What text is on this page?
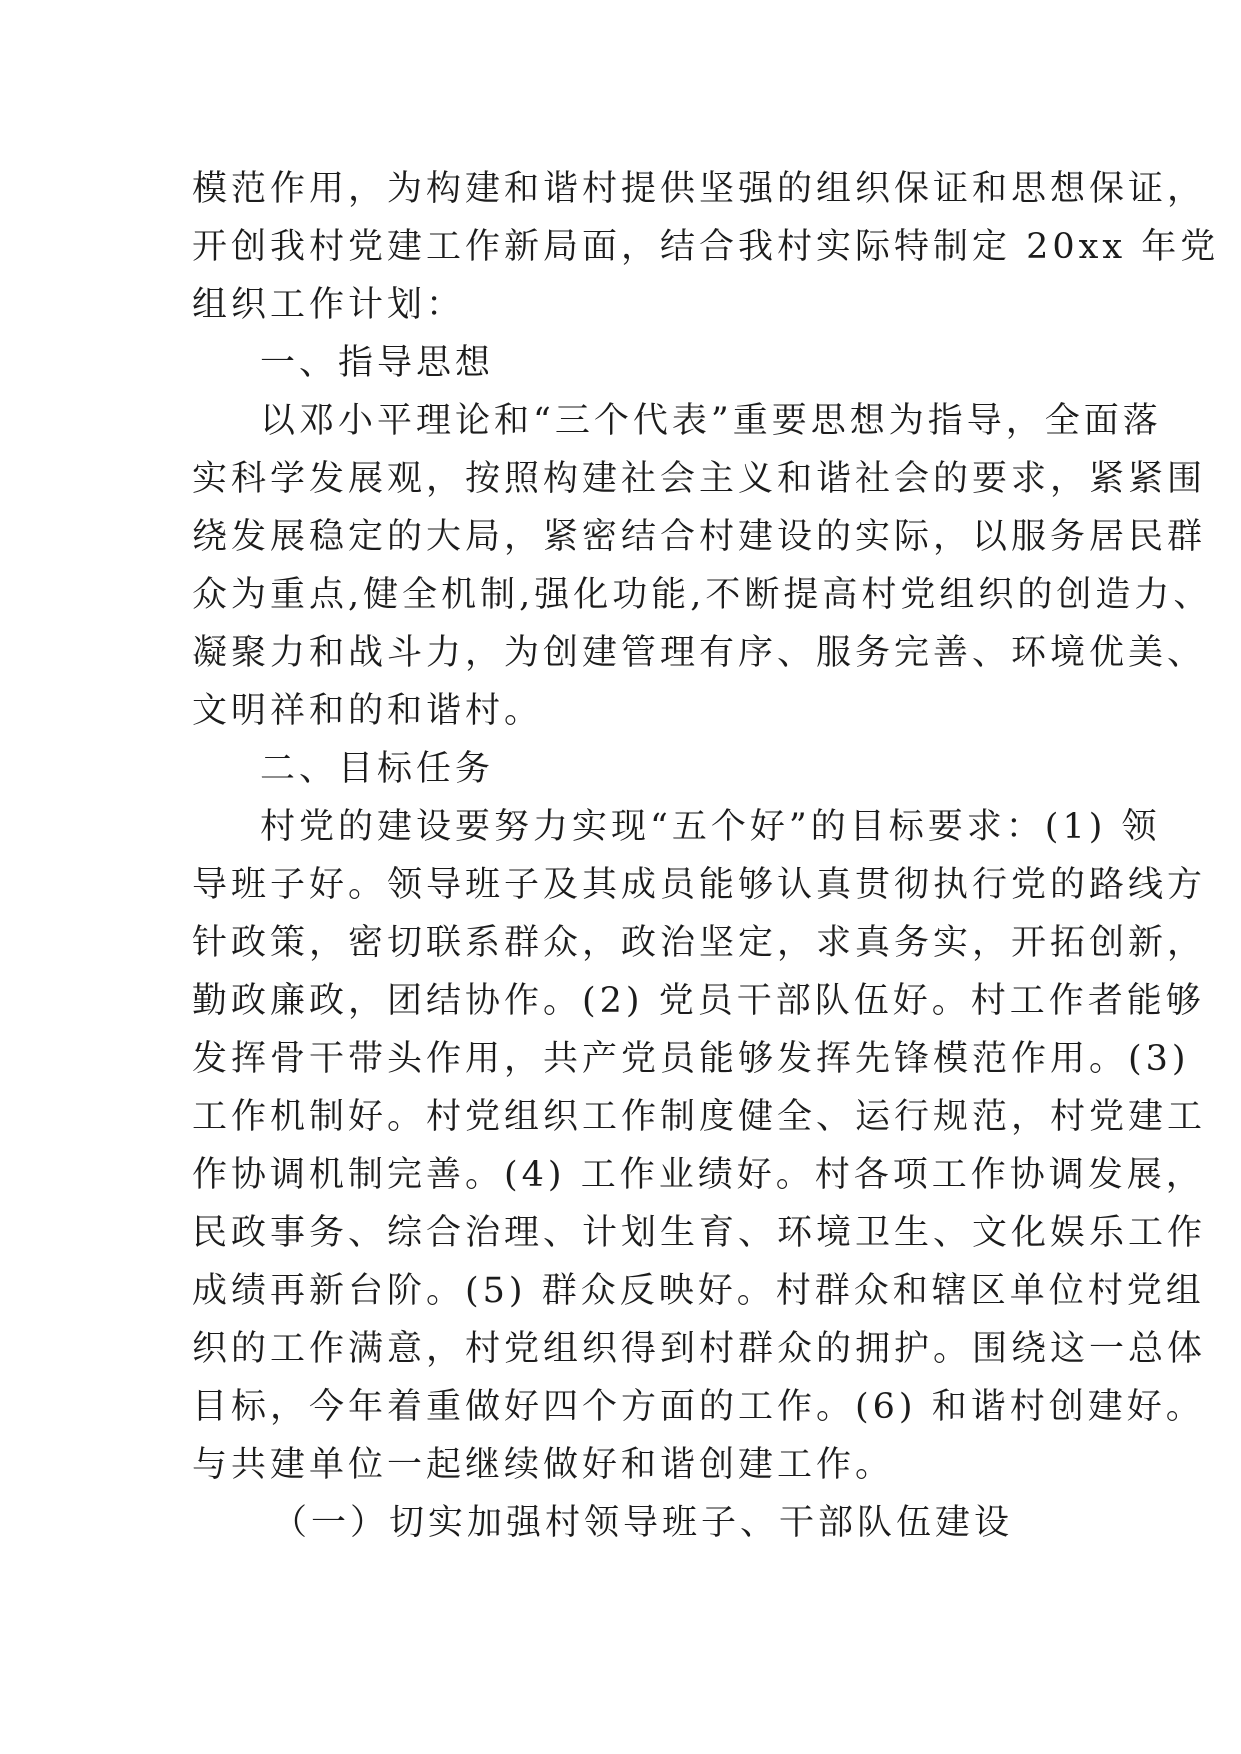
模范作用，为构建和谐村提供坚强的组织保证和思想保证，
开创我村党建工作新局面，结合我村实际特制定 20xx 年党
组织工作计划：
一、指导思想
以邓小平理论和“三个代表”重要思想为指导，全面落
实科学发展观，按照构建社会主义和谐社会的要求，紧紧围
绕发展稳定的大局，紧密结合村建设的实际，以服务居民群
众为重点,健全机制,强化功能,不断提高村党组织的创造力、
凝聚力和战斗力，为创建管理有序、服务完善、环境优美、
文明祥和的和谐村。
二、目标任务
村党的建设要努力实现“五个好”的目标要求：(1) 领
导班子好。领导班子及其成员能够认真贯彻执行党的路线方
针政策，密切联系群众，政治坚定，求真务实，开拓创新，
勤政廉政，团结协作。(2) 党员干部队伍好。村工作者能够
发挥骨干带头作用，共产党员能够发挥先锋模范作用。(3)
工作机制好。村党组织工作制度健全、运行规范，村党建工
作协调机制完善。(4) 工作业绩好。村各项工作协调发展，
民政事务、综合治理、计划生育、环境卫生、文化娱乐工作
成绩再新台阶。(5) 群众反映好。村群众和辖区单位村党组
织的工作满意，村党组织得到村群众的拥护。围绕这一总体
目标，今年着重做好四个方面的工作。(6) 和谐村创建好。
与共建单位一起继续做好和谐创建工作。
（一）切实加强村领导班子、干部队伍建设
